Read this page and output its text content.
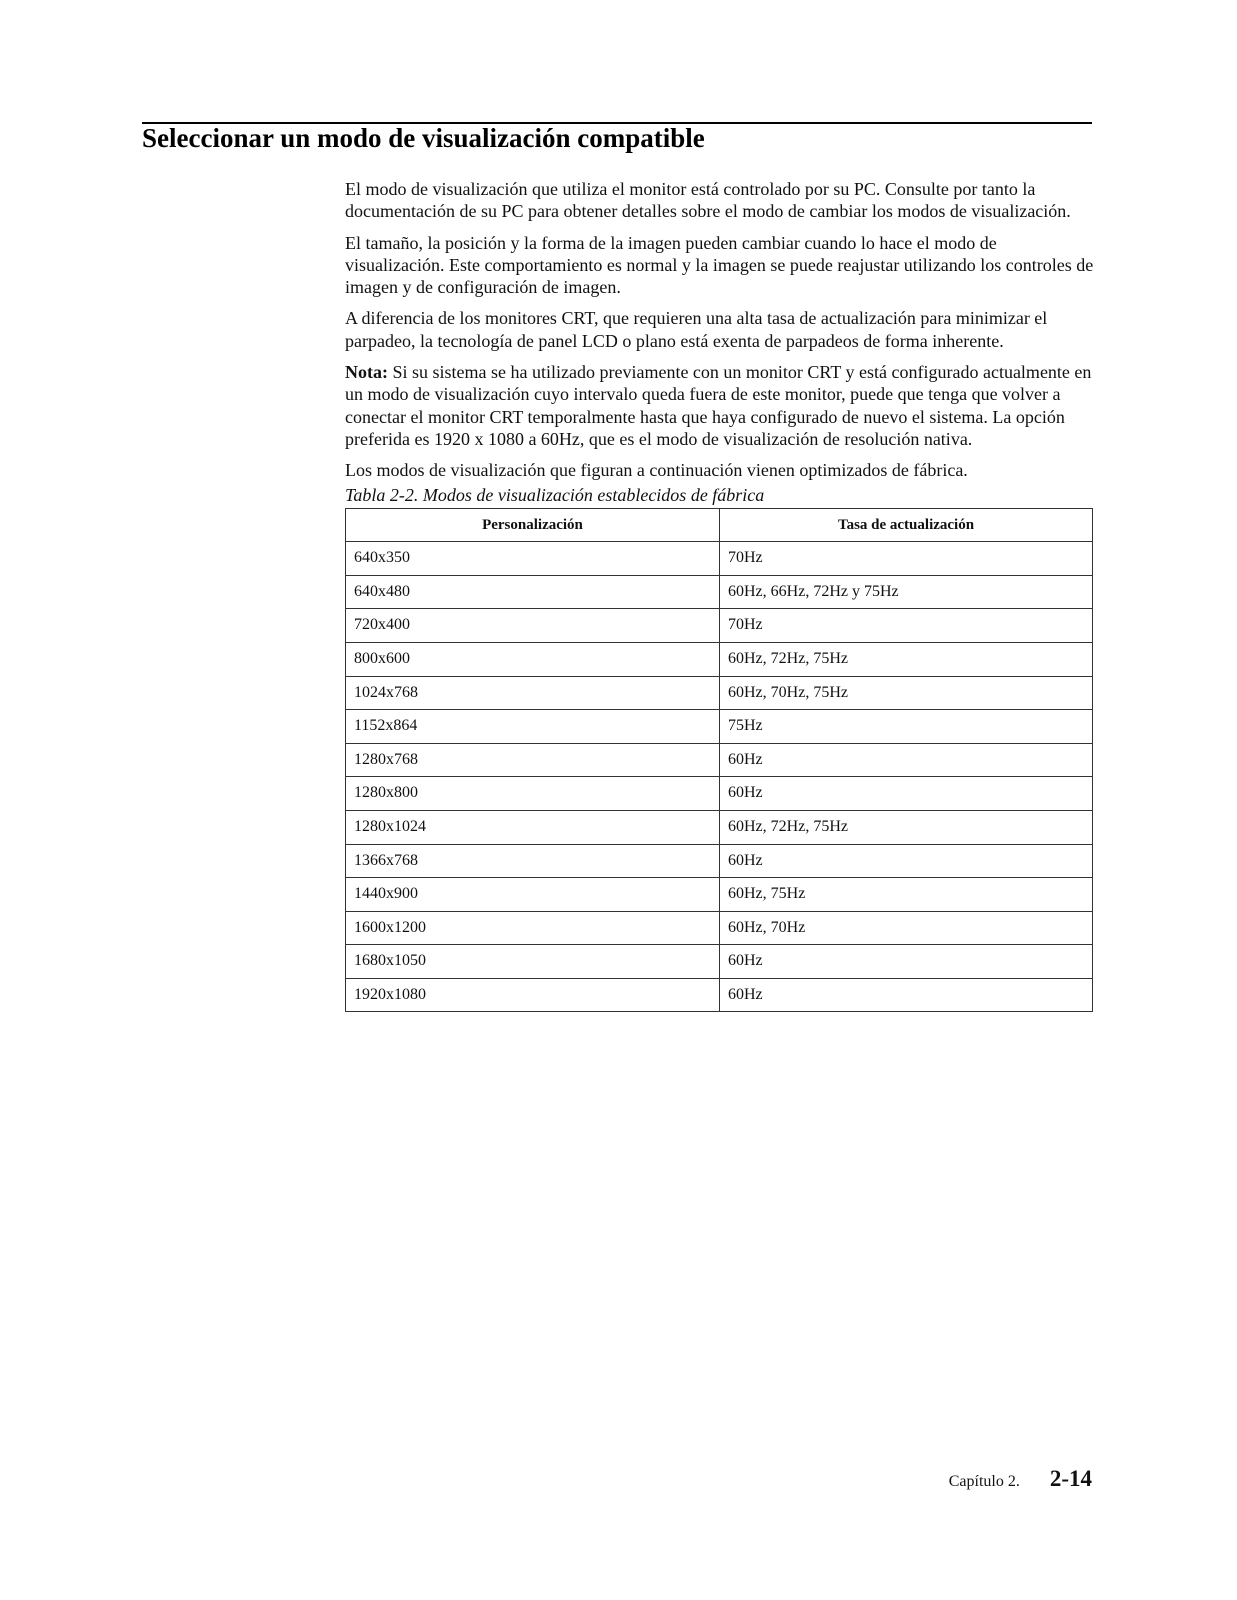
Seleccionar un modo de visualización compatible

El modo de visualización que utiliza el monitor está controlado por su PC. Consulte por tanto la documentación de su PC para obtener detalles sobre el modo de cambiar los modos de visualización.

El tamaño, la posición y la forma de la imagen pueden cambiar cuando lo hace el modo de visualización. Este comportamiento es normal y la imagen se puede reajustar utilizando los controles de imagen y de configuración de imagen.

A diferencia de los monitores CRT, que requieren una alta tasa de actualización para minimizar el parpadeo, la tecnología de panel LCD o plano está exenta de parpadeos de forma inherente.

Nota: Si su sistema se ha utilizado previamente con un monitor CRT y está configurado actualmente en un modo de visualización cuyo intervalo queda fuera de este monitor, puede que tenga que volver a conectar el monitor CRT temporalmente hasta que haya configurado de nuevo el sistema. La opción preferida es 1920 x 1080 a 60Hz, que es el modo de visualización de resolución nativa.

Los modos de visualización que figuran a continuación vienen optimizados de fábrica.

Tabla 2-2. Modos de visualización establecidos de fábrica
Personalización	Tasa de actualización
640x350	70Hz
640x480	60Hz, 66Hz, 72Hz y 75Hz
720x400	70Hz
800x600	60Hz, 72Hz, 75Hz
1024x768	60Hz, 70Hz, 75Hz
1152x864	75Hz
1280x768	60Hz
1280x800	60Hz
1280x1024	60Hz, 72Hz, 75Hz
1366x768	60Hz
1440x900	60Hz, 75Hz
1600x1200	60Hz, 70Hz
1680x1050	60Hz
1920x1080	60Hz
Capítulo 2. 2-14
